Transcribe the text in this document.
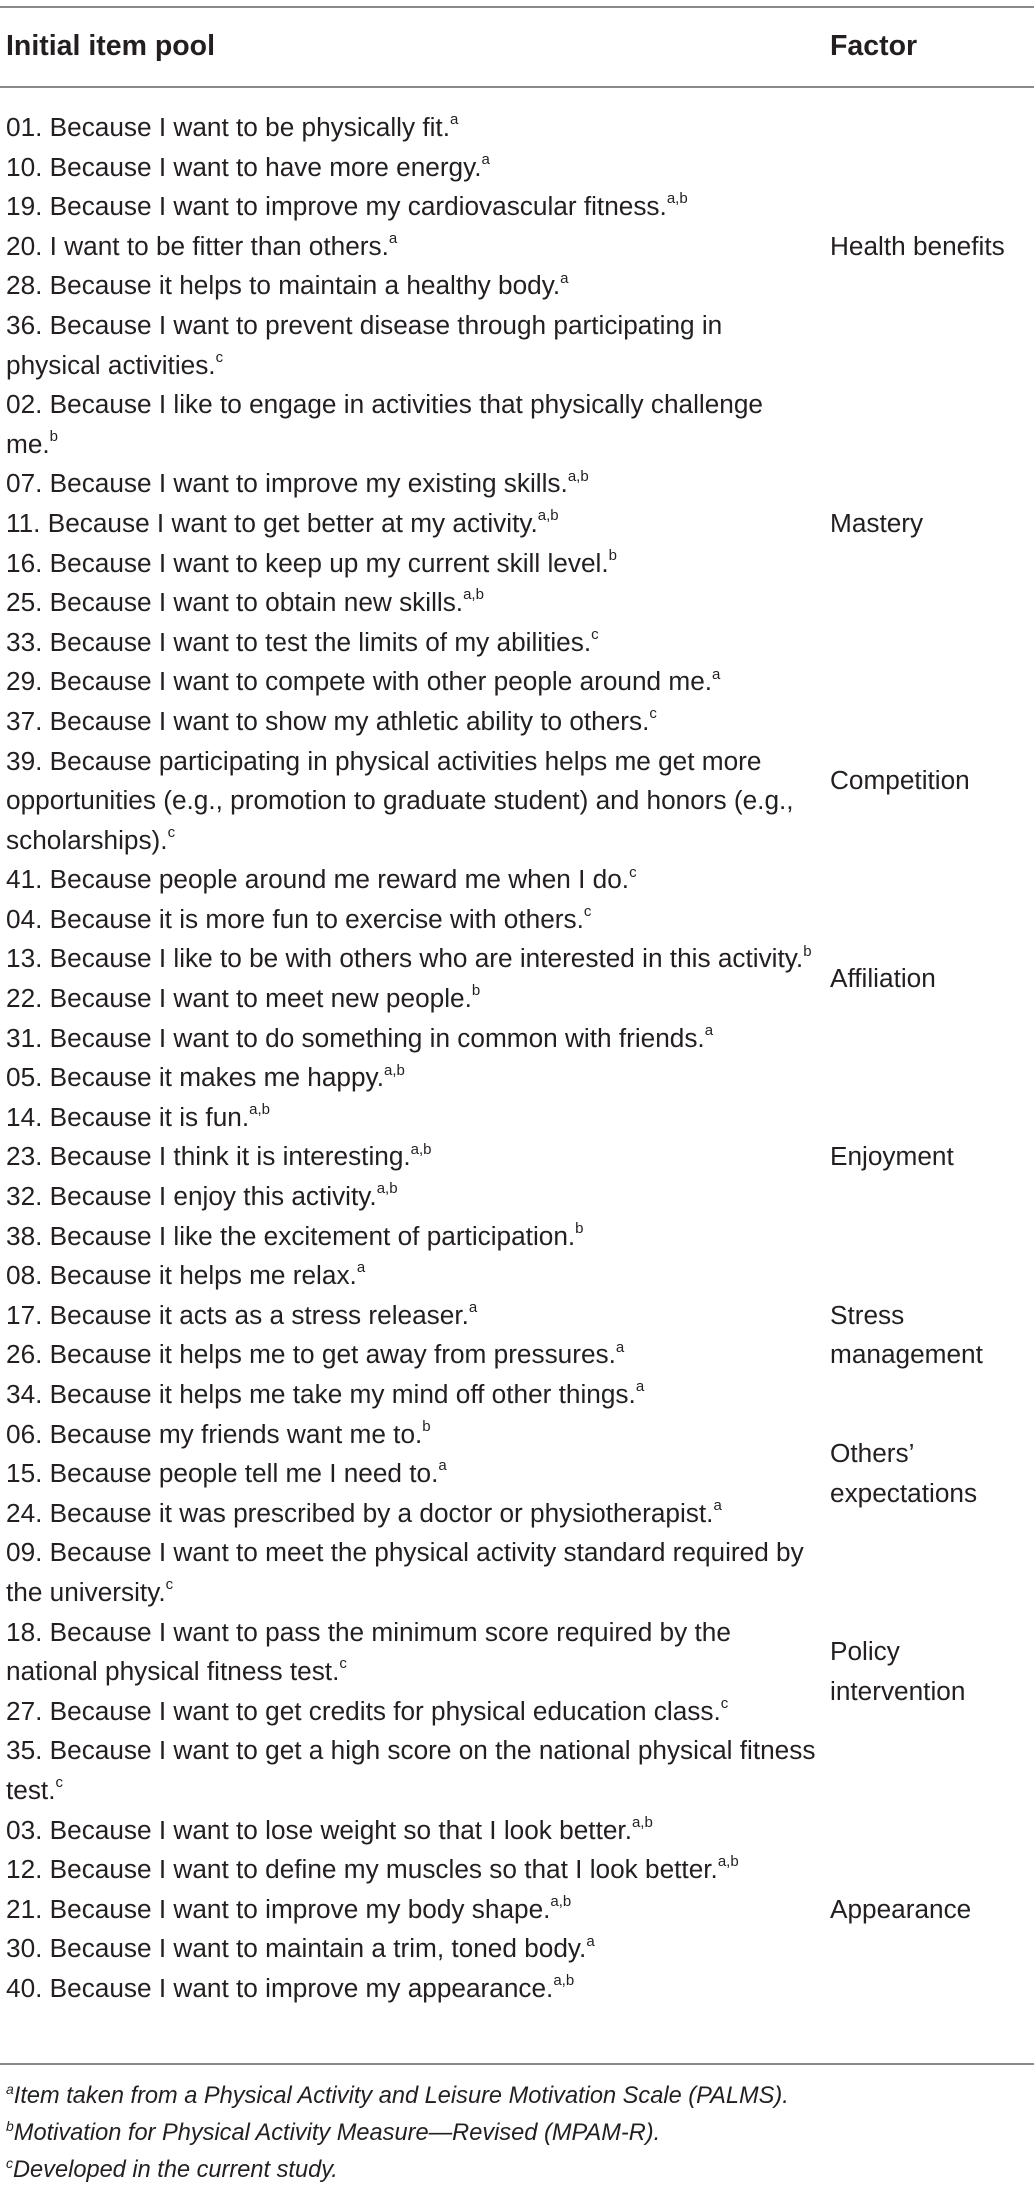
Initial item pool	Factor

01. Because I want to be physically fit.$^a$

10. Because I want to have more energy.$^a$

19. Because I want to improve my cardiovascular fitness.$^{a,b}$

20. I want to be fitter than others.$^a$

28. Because it helps to maintain a healthy body.$^a$

36. Because I want to prevent disease through participating in physical activities.$^c$

Health benefits

02. Because I like to engage in activities that physically challenge me.$^b$

07. Because I want to improve my existing skills.$^{a,b}$

11. Because I want to get better at my activity.$^{a,b}$

16. Because I want to keep up my current skill level.$^b$

25. Because I want to obtain new skills.$^{a,b}$

33. Because I want to test the limits of my abilities.$^c$

Mastery

29. Because I want to compete with other people around me.$^a$

37. Because I want to show my athletic ability to others.$^c$

39. Because participating in physical activities helps me get more opportunities (e.g., promotion to graduate student) and honors (e.g., scholarships).$^c$

41. Because people around me reward me when I do.$^c$

Competition

04. Because it is more fun to exercise with others.$^c$

13. Because I like to be with others who are interested in this activity.$^b$

22. Because I want to meet new people.$^b$

31. Because I want to do something in common with friends.$^a$

Affiliation

05. Because it makes me happy.$^{a,b}$

14. Because it is fun.$^{a,b}$

23. Because I think it is interesting.$^{a,b}$

32. Because I enjoy this activity.$^{a,b}$

38. Because I like the excitement of participation.$^b$

Enjoyment

08. Because it helps me relax.$^a$

17. Because it acts as a stress releaser.$^a$

26. Because it helps me to get away from pressures.$^a$

34. Because it helps me take my mind off other things.$^a$

Stress management

06. Because my friends want me to.$^b$

15. Because people tell me I need to.$^a$

24. Because it was prescribed by a doctor or physiotherapist.$^a$

Others’ expectations

09. Because I want to meet the physical activity standard required by the university.$^c$

18. Because I want to pass the minimum score required by the national physical fitness test.$^c$

27. Because I want to get credits for physical education class.$^c$

35. Because I want to get a high score on the national physical fitness test.$^c$

Policy intervention

03. Because I want to lose weight so that I look better.$^{a,b}$

12. Because I want to define my muscles so that I look better.$^{a,b}$

21. Because I want to improve my body shape.$^{a,b}$

30. Because I want to maintain a trim, toned body.$^a$

40. Because I want to improve my appearance.$^{a,b}$

Appearance

$^a$Item taken from a Physical Activity and Leisure Motivation Scale (PALMS).

$^b$Motivation for Physical Activity Measure—Revised (MPAM-R).

$^c$Developed in the current study.
